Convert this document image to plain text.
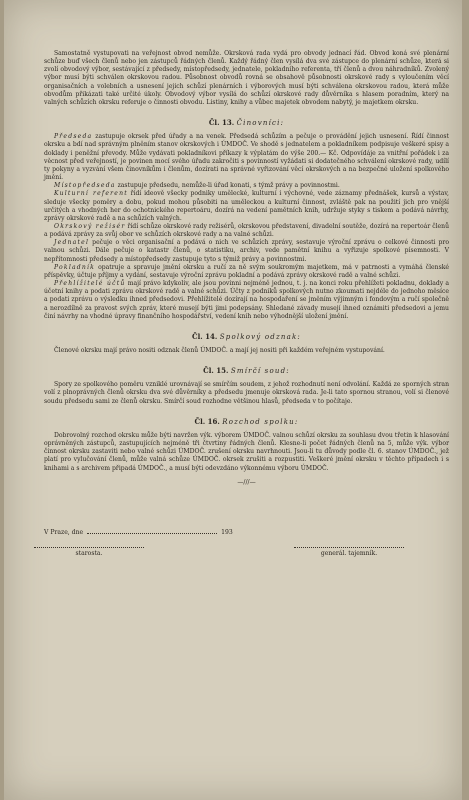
Samostatně vystupovati na veřejnost obvod nemůže. Okrsková rada vydá pro obvody jednací řád. Obvod koná své plenární schůze buď všech členů nebo jen zástupců řádných členů. Každý řádný člen vysílá dva své zástupce do plenární schůze, která si zvolí obvodový výbor, sestávající z předsedy, místopředsedy, jednatele, pokladního referenta, tří členů a dvou náhradníků. Zvolený výbor musí býti schválen okrskovou radou. Působnost obvodů rovná se obsahově působnosti okrskové rady s vyloučením věcí organisačních a volebních a usnesení jejich schůzí plenárních i výborových musí býti schválena okrskovou radou, která může obvodům přikázati také určité úkoly. Obvodový výbor vysílá do schůzí okrskové rady důvěrníka s hlasem poradním, který na valných schůzích okrsku referuje o činnosti obvodu. Listiny, knihy a vůbec majetek obvodem nabytý, je majetkem okrsku.

Čl. 13. Činovníci:

Předseda zastupuje okrsek před úřady a na venek. Předsedá schůzím a pečuje o provádění jejich usnesení. Řídí činnost okrsku a bdí nad správným plněním stanov okrskových i ÚMDOČ. Ve shodě s jednatelem a pokladníkem podpisuje veškeré spisy a doklady i peněžní převody. Může vydávati pokladníkovi příkazy k výplatám do výše 200.— Kč. Odpovídáje za vnitřní pořádek i za věcnost před veřejností, je povinen mocí svého úřadu zakročiti s povinností vyžádati si dodatečného schválení okrskové rady, udílí ty pokyny a vyzvání všem činovníkům i členům, dozírati na správné vyřizování věcí okrskových a na bezpečné uložení spolkového jmění.

Místopředseda zastupuje předsedu, nemůže-li úřad konati, s týmž právy a povinnostmi.

Kulturní referent řídí ideově všecky podniky umělecké, kulturní i výchovné, vede záznamy přednášek, kursů a výstav, sleduje všecky poměry a dobu, pokud mohou působiti na uměleckou a kulturní činnost, zvláště pak na použití jich pro vnější určitých a vhodných her do ochotnického repertoáru, dozírá na vedení pamětních knih, udržuje styky s tiskem a podává návrhy, zprávy okrskové radě a na schůzích valných.

Okrskový režisér řídí schůze okrskové rady režisérů, okrskovou představení, divadelní soutěže, dozírá na repertoár členů a podává zprávy za svůj obor ve schůzích okrskové rady a na valné schůzi.

Jednatel pečuje o věci organisační a podává o nich ve schůzích zprávy, sestavuje výroční zprávu o celkové činnosti pro valnou schůzi. Dále pečuje o katastr členů, o statistiku, archiv, vede pamětní knihu a vyřizuje spolkové písemnosti. V nepřítomnosti předsedy a místopředsedy zastupuje tyto s týmiž právy a povinnostmi.

Pokladník opatruje a spravuje jmění okrsku a ručí za ně svým soukromým majetkem, má v patrnosti a vymáhá členské příspěvky, účtuje příjmy a vydání, sestavuje výroční zprávu pokladní a podává zprávy okrskové radě a valné schůzi.

Přehlížitelé účtů mají právo kdykoliv, ale jsou povinni nejméně jednou, t. j. na konci roku přehlížeti pokladnu, doklady a účetní knihy a podati zprávu okrskové radě a valné schůzi. Účty z podniků spolkových nutno zkoumati nejdéle do jednoho měsíce a podati zprávu o výsledku ihned předsedovi. Přehlížitelé dozírají na hospodaření se jměním výjimným i fondovým a ručí společně a nerozdílně za pravost svých zpráv, které musejí býti jimi podepsány. Shledané závady musejí ihned oznámiti předsedovi a jemu činí návrhy na vhodné úpravy finančního hospodářství, vedení knih nebo výhodnější uložení jmění.

Čl. 14. Spolkový odznak:

Členové okrsku mají právo nositi odznak členů ÚMDOČ. a mají jej nositi při každém veřejném vystupování.

Čl. 15. Smírčí soud:

Spory ze spolkového poměru vzniklé urovnávají se smírčím soudem, z jehož rozhodnutí není odvolání. Každá ze sporných stran volí z plnoprávných členů okrsku dva své důvěrníky a předsedu jmenuje okrsková rada. Je-li tato spornou stranou, volí si členové soudu předsedu sami ze členů okrsku. Smírčí soud rozhodne většinou hlasů, předseda v to počítaje.

Čl. 16. Rozchod spolku:

Dobrovolný rozchod okrsku může býti navržen výk. výborem ÚMDOČ. valnou schůzí okrsku za souhlasu dvou třetin k hlasování oprávněných zástupců, zastupujících nejméně tři čtvrtiny řádných členů. Klesne-li počet řádných členů na 5, může výk. výbor činnost okrsku zastaviti nebo valné schůzi ÚMDOČ. zrušení okrsku navrhnouti. Jsou-li tu důvody podle čl. 6. stanov ÚMDOČ., jež platí pro vylučování členů, může valná schůze ÚMDOČ. okrsek zrušiti a rozpustiti. Veškeré jmění okrsku v těchto případech i s knihami a s archivem připadá ÚMDOČ., a musí býti odevzdáno výkonnému výboru ÚMDOČ.

—///—
V Praze, dne	193
starosta.	generál. tajemník.
